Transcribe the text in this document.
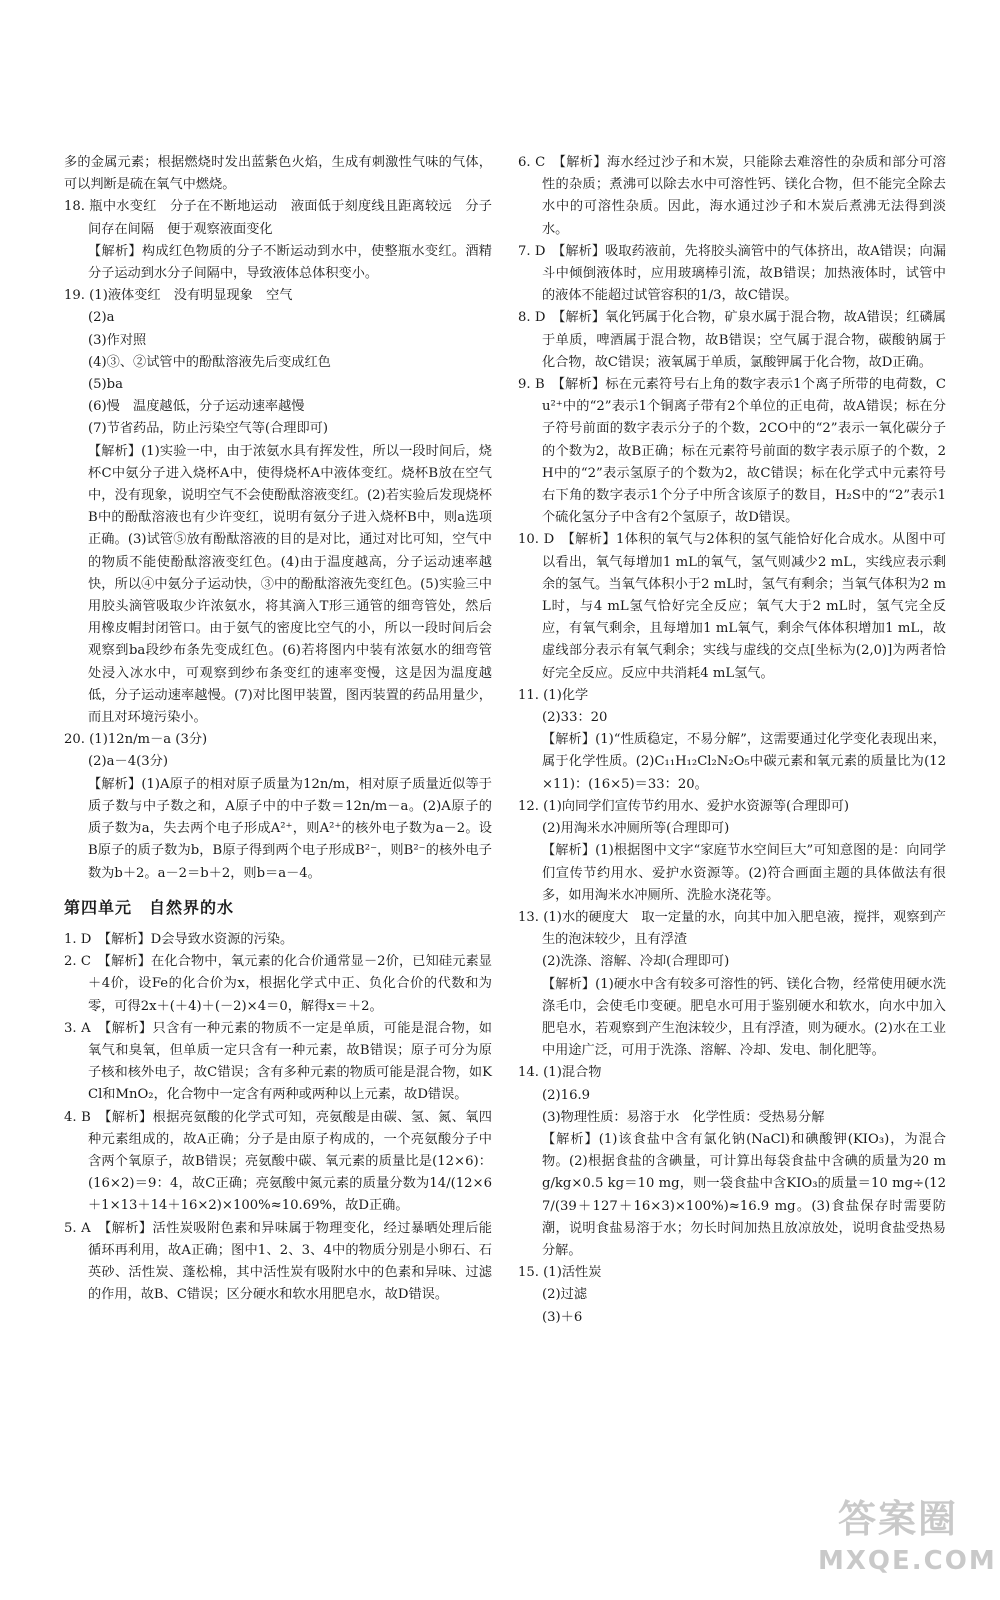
多的金属元素；根据燃烧时发出蓝紫色火焰，生成有刺激性气味的气体，可以判断是硫在氧气中燃烧。

18. 瓶中水变红　分子在不断地运动　液面低于刻度线且距离较远　分子间存在间隔　便于观察液面变化

【解析】构成红色物质的分子不断运动到水中，使整瓶水变红。酒精分子运动到水分子间隔中，导致液体总体积变小。

19. (1)液体变红　没有明显现象　空气

(2)a

(3)作对照

(4)③、②试管中的酚酞溶液先后变成红色

(5)ba

(6)慢　温度越低，分子运动速率越慢

(7)节省药品，防止污染空气等(合理即可)

【解析】(1)实验一中，由于浓氨水具有挥发性，所以一段时间后，烧杯C中氨分子进入烧杯A中，使得烧杯A中液体变红。烧杯B放在空气中，没有现象，说明空气不会使酚酞溶液变红。(2)若实验后发现烧杯B中的酚酞溶液也有少许变红，说明有氨分子进入烧杯B中，则a选项正确。(3)试管⑤放有酚酞溶液的目的是对比，通过对比可知，空气中的物质不能使酚酞溶液变红色。(4)由于温度越高，分子运动速率越快，所以④中氨分子运动快，③中的酚酞溶液先变红色。(5)实验三中用胶头滴管吸取少许浓氨水，将其滴入T形三通管的细弯管处，然后用橡皮帽封闭管口。由于氨气的密度比空气的小，所以一段时间后会观察到ba段纱布条先变成红色。(6)若将图内中装有浓氨水的细弯管处浸入冰水中，可观察到纱布条变红的速率变慢，这是因为温度越低，分子运动速率越慢。(7)对比图甲装置，图丙装置的药品用量少，而且对环境污染小。

20. (1)12n/m－a (3分)

(2)a－4(3分)

【解析】(1)A原子的相对原子质量为12n/m，相对原子质量近似等于质子数与中子数之和，A原子中的中子数＝12n/m－a。(2)A原子的质子数为a，失去两个电子形成A²⁺，则A²⁺的核外电子数为a－2。设B原子的质子数为b，B原子得到两个电子形成B²⁻，则B²⁻的核外电子数为b＋2。a－2＝b＋2，则b＝a－4。

第四单元　自然界的水

1. D　【解析】D会导致水资源的污染。

2. C　【解析】在化合物中，氧元素的化合价通常显－2价，已知硅元素显＋4价，设Fe的化合价为x，根据化学式中正、负化合价的代数和为零，可得2x＋(＋4)＋(－2)×4＝0，解得x＝＋2。

3. A　【解析】只含有一种元素的物质不一定是单质，可能是混合物，如氧气和臭氧，但单质一定只含有一种元素，故B错误；原子可分为原子核和核外电子，故C错误；含有多种元素的物质可能是混合物，如KCl和MnO₂，化合物中一定含有两种或两种以上元素，故D错误。

4. B　【解析】根据亮氨酸的化学式可知，亮氨酸是由碳、氢、氮、氧四种元素组成的，故A正确；分子是由原子构成的，一个亮氨酸分子中含两个氧原子，故B错误；亮氨酸中碳、氧元素的质量比是(12×6)：(16×2)＝9：4，故C正确；亮氨酸中氮元素的质量分数为14/(12×6＋1×13＋14＋16×2)×100%≈10.69%，故D正确。

5. A　【解析】活性炭吸附色素和异味属于物理变化，经过暴晒处理后能循环再利用，故A正确；图中1、2、3、4中的物质分别是小卵石、石英砂、活性炭、蓬松棉，其中活性炭有吸附水中的色素和异味、过滤的作用，故B、C错误；区分硬水和软水用肥皂水，故D错误。

6. C　【解析】海水经过沙子和木炭，只能除去难溶性的杂质和部分可溶性的杂质；煮沸可以除去水中可溶性钙、镁化合物，但不能完全除去水中的可溶性杂质。因此，海水通过沙子和木炭后煮沸无法得到淡水。

7. D　【解析】吸取药液前，先将胶头滴管中的气体挤出，故A错误；向漏斗中倾倒液体时，应用玻璃棒引流，故B错误；加热液体时，试管中的液体不能超过试管容积的1/3，故C错误。

8. D　【解析】氧化钙属于化合物，矿泉水属于混合物，故A错误；红磷属于单质，啤酒属于混合物，故B错误；空气属于混合物，碳酸钠属于化合物，故C错误；液氧属于单质，氯酸钾属于化合物，故D正确。

9. B　【解析】标在元素符号右上角的数字表示1个离子所带的电荷数，Cu²⁺中的“2”表示1个铜离子带有2个单位的正电荷，故A错误；标在分子符号前面的数字表示分子的个数，2CO中的“2”表示一氧化碳分子的个数为2，故B正确；标在元素符号前面的数字表示原子的个数，2H中的“2”表示氢原子的个数为2，故C错误；标在化学式中元素符号右下角的数字表示1个分子中所含该原子的数目，H₂S中的“2”表示1个硫化氢分子中含有2个氢原子，故D错误。

10. D　【解析】1体积的氧气与2体积的氢气能恰好化合成水。从图中可以看出，氧气每增加1 mL的氧气，氢气则减少2 mL，实线应表示剩余的氢气。当氧气体积小于2 mL时，氢气有剩余；当氧气体积为2 mL时，与4 mL氢气恰好完全反应；氧气大于2 mL时，氢气完全反应，有氧气剩余，且每增加1 mL氧气，剩余气体体积增加1 mL，故虚线部分表示有氧气剩余；实线与虚线的交点[坐标为(2,0)]为两者恰好完全反应。反应中共消耗4 mL氢气。

11. (1)化学

(2)33：20

【解析】(1)“性质稳定，不易分解”，这需要通过化学变化表现出来，属于化学性质。(2)C₁₁H₁₂Cl₂N₂O₅中碳元素和氧元素的质量比为(12×11)：(16×5)＝33：20。

12. (1)向同学们宣传节约用水、爱护水资源等(合理即可)

(2)用淘米水冲厕所等(合理即可)

【解析】(1)根据图中文字“家庭节水空间巨大”可知意图的是：向同学们宣传节约用水、爱护水资源等。(2)符合画面主题的具体做法有很多，如用淘米水冲厕所、洗脸水浇花等。

13. (1)水的硬度大　取一定量的水，向其中加入肥皂液，搅拌，观察到产生的泡沫较少，且有浮渣

(2)洗涤、溶解、冷却(合理即可)

【解析】(1)硬水中含有较多可溶性的钙、镁化合物，经常使用硬水洗涤毛巾，会使毛巾变硬。肥皂水可用于鉴别硬水和软水，向水中加入肥皂水，若观察到产生泡沫较少，且有浮渣，则为硬水。(2)水在工业中用途广泛，可用于洗涤、溶解、冷却、发电、制化肥等。

14. (1)混合物

(2)16.9

(3)物理性质：易溶于水　化学性质：受热易分解

【解析】(1)该食盐中含有氯化钠(NaCl)和碘酸钾(KIO₃)，为混合物。(2)根据食盐的含碘量，可计算出每袋食盐中含碘的质量为20 mg/kg×0.5 kg＝10 mg，则一袋食盐中含KIO₃的质量＝10 mg÷(127/(39＋127＋16×3)×100%)≈16.9 mg。(3)食盐保存时需要防潮，说明食盐易溶于水；勿长时间加热且放凉放处，说明食盐受热易分解。

15. (1)活性炭

(2)过滤

(3)＋6

答案圈
MXQE.COM
